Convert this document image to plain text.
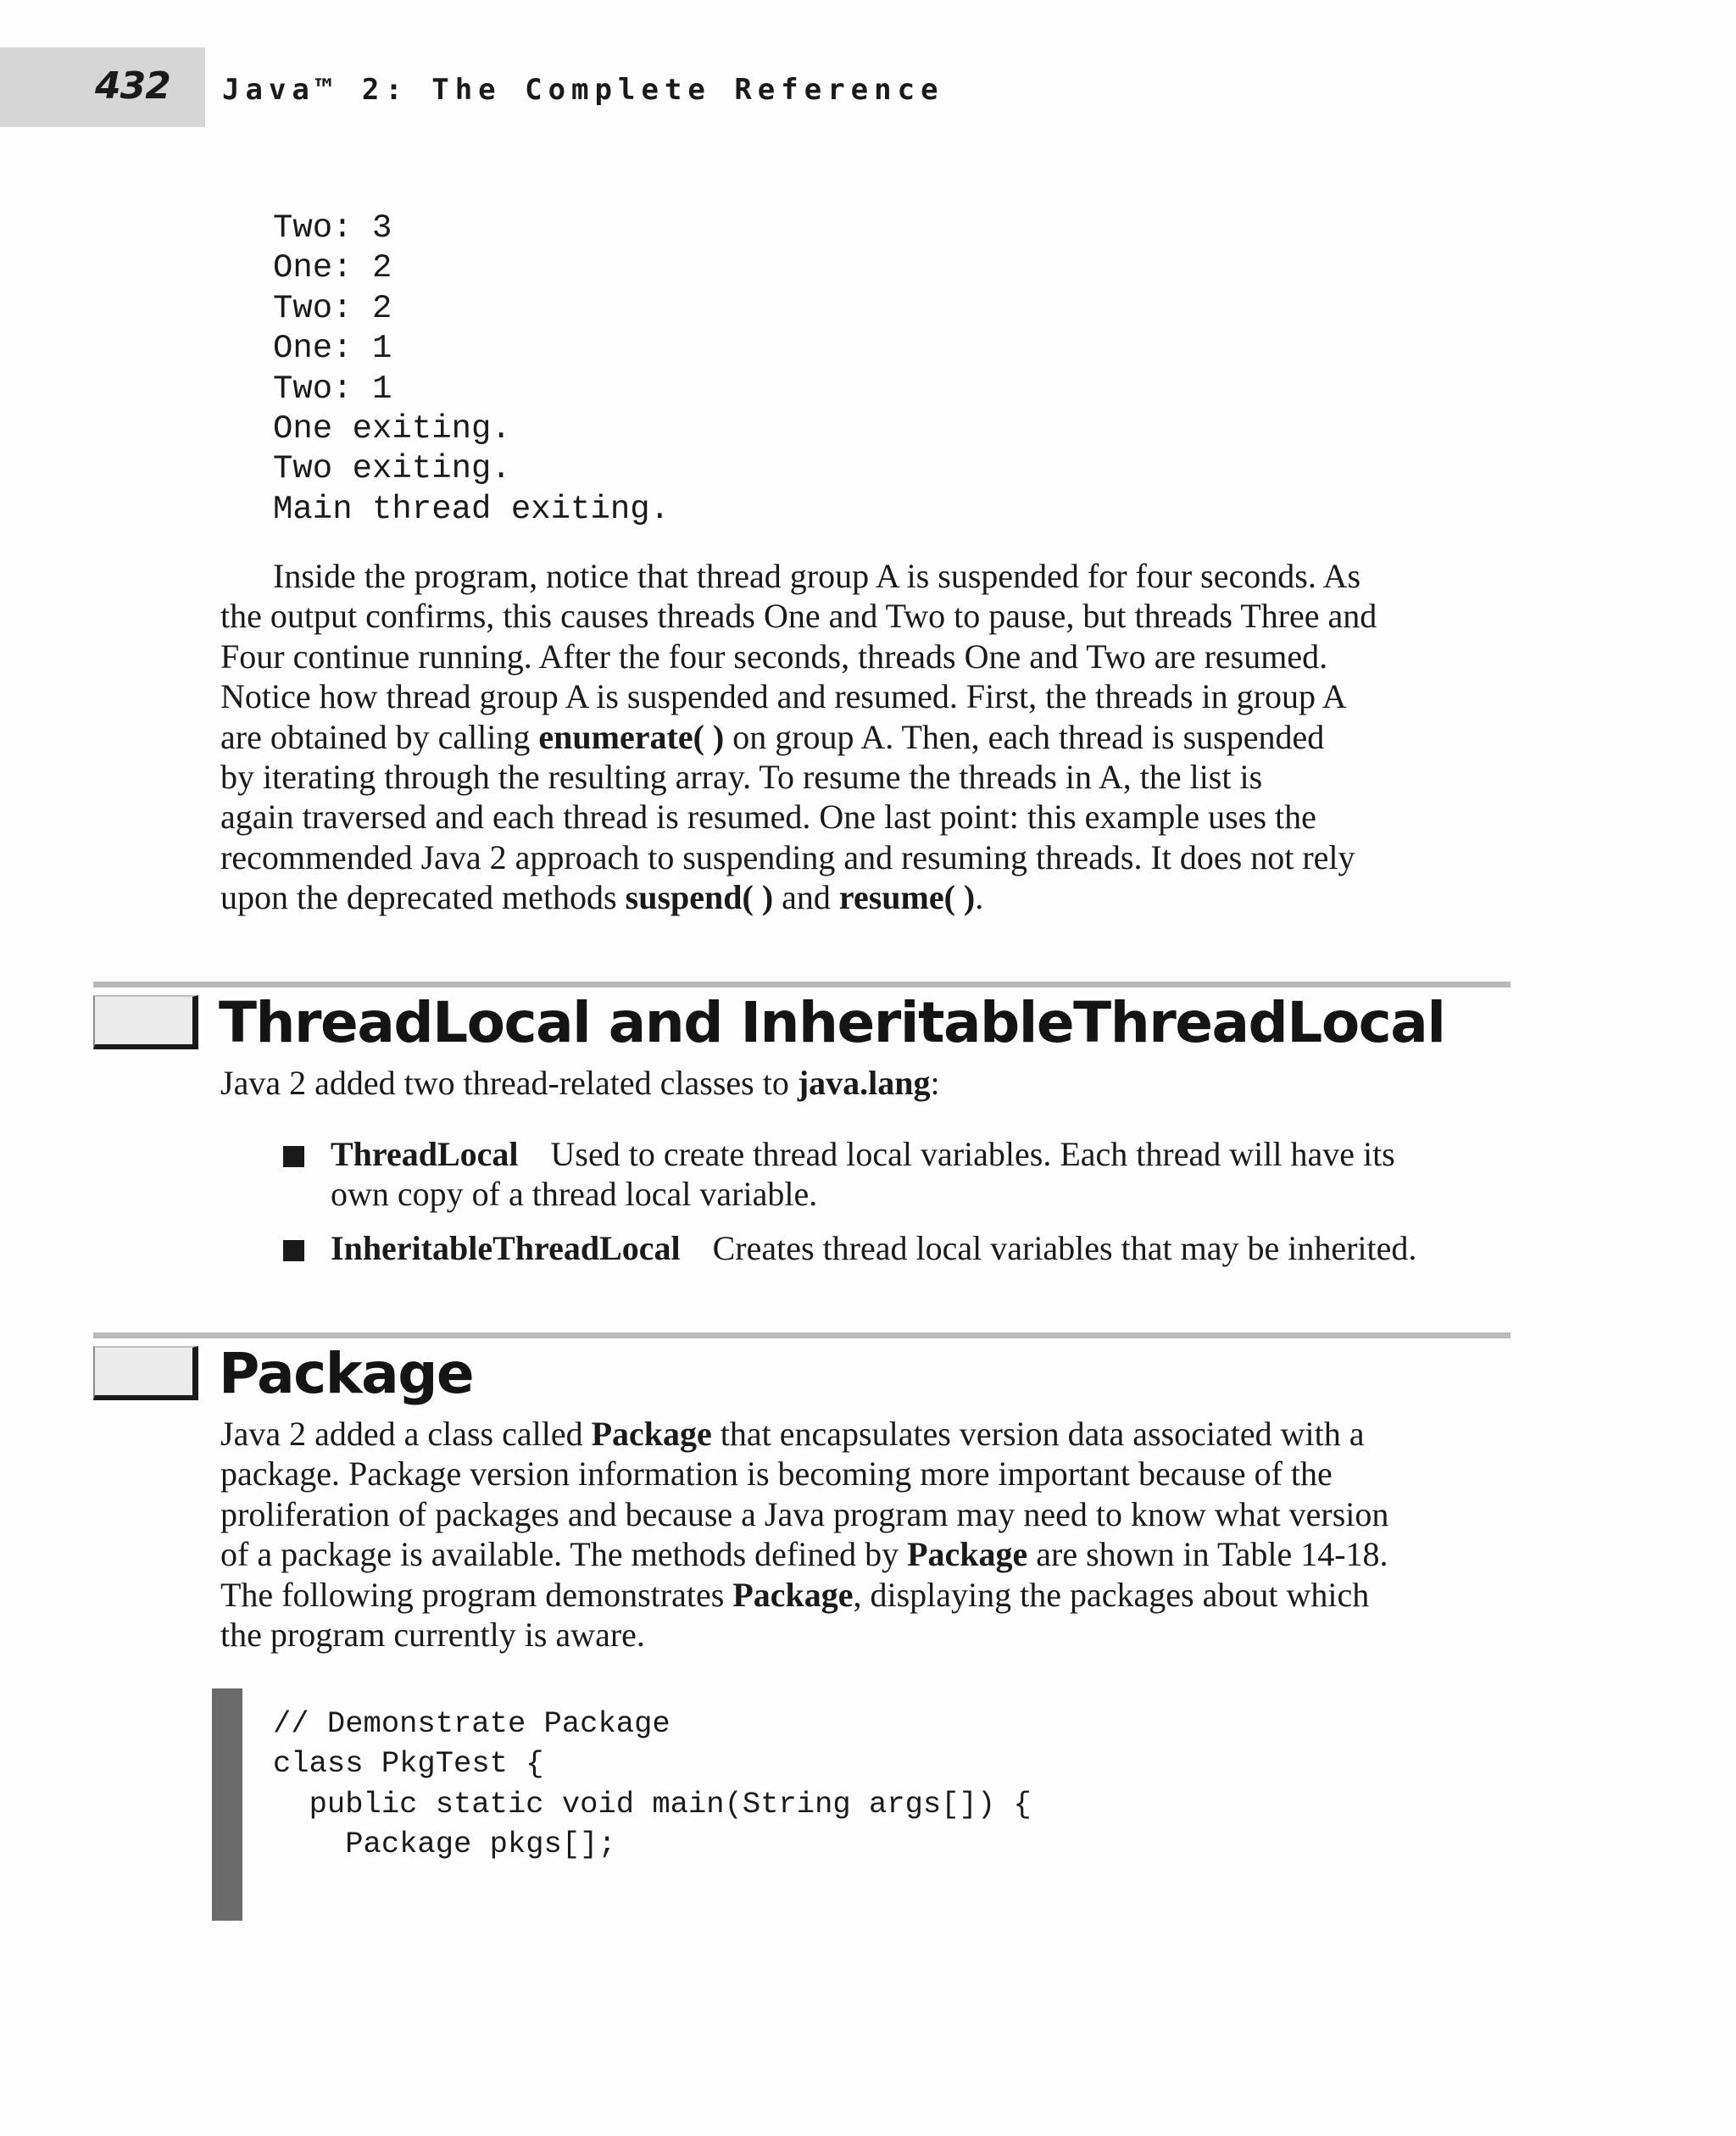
432 Java™ 2: The Complete Reference
Two: 3
One: 2
Two: 2
One: 1
Two: 1
One exiting.
Two exiting.
Main thread exiting.

Inside the program, notice that thread group A is suspended for four seconds. As
the output confirms, this causes threads One and Two to pause, but threads Three and
Four continue running. After the four seconds, threads One and Two are resumed.
Notice how thread group A is suspended and resumed. First, the threads in group A
are obtained by calling enumerate( ) on group A. Then, each thread is suspended
by iterating through the resulting array. To resume the threads in A, the list is
again traversed and each thread is resumed. One last point: this example uses the
recommended Java 2 approach to suspending and resuming threads. It does not rely
upon the deprecated methods suspend( ) and resume( ).

ThreadLocal and InheritableThreadLocal

Java 2 added two thread-related classes to java.lang:

ThreadLocal Used to create thread local variables. Each thread will have its
own copy of a thread local variable.
InheritableThreadLocal Creates thread local variables that may be inherited.
Package

Java 2 added a class called Package that encapsulates version data associated with a
package. Package version information is becoming more important because of the
proliferation of packages and because a Java program may need to know what version
of a package is available. The methods defined by Package are shown in Table 14-18.
The following program demonstrates Package, displaying the packages about which
the program currently is aware.

// Demonstrate Package
class PkgTest {
public static void main(String args[]) {
Package pkgs[];
